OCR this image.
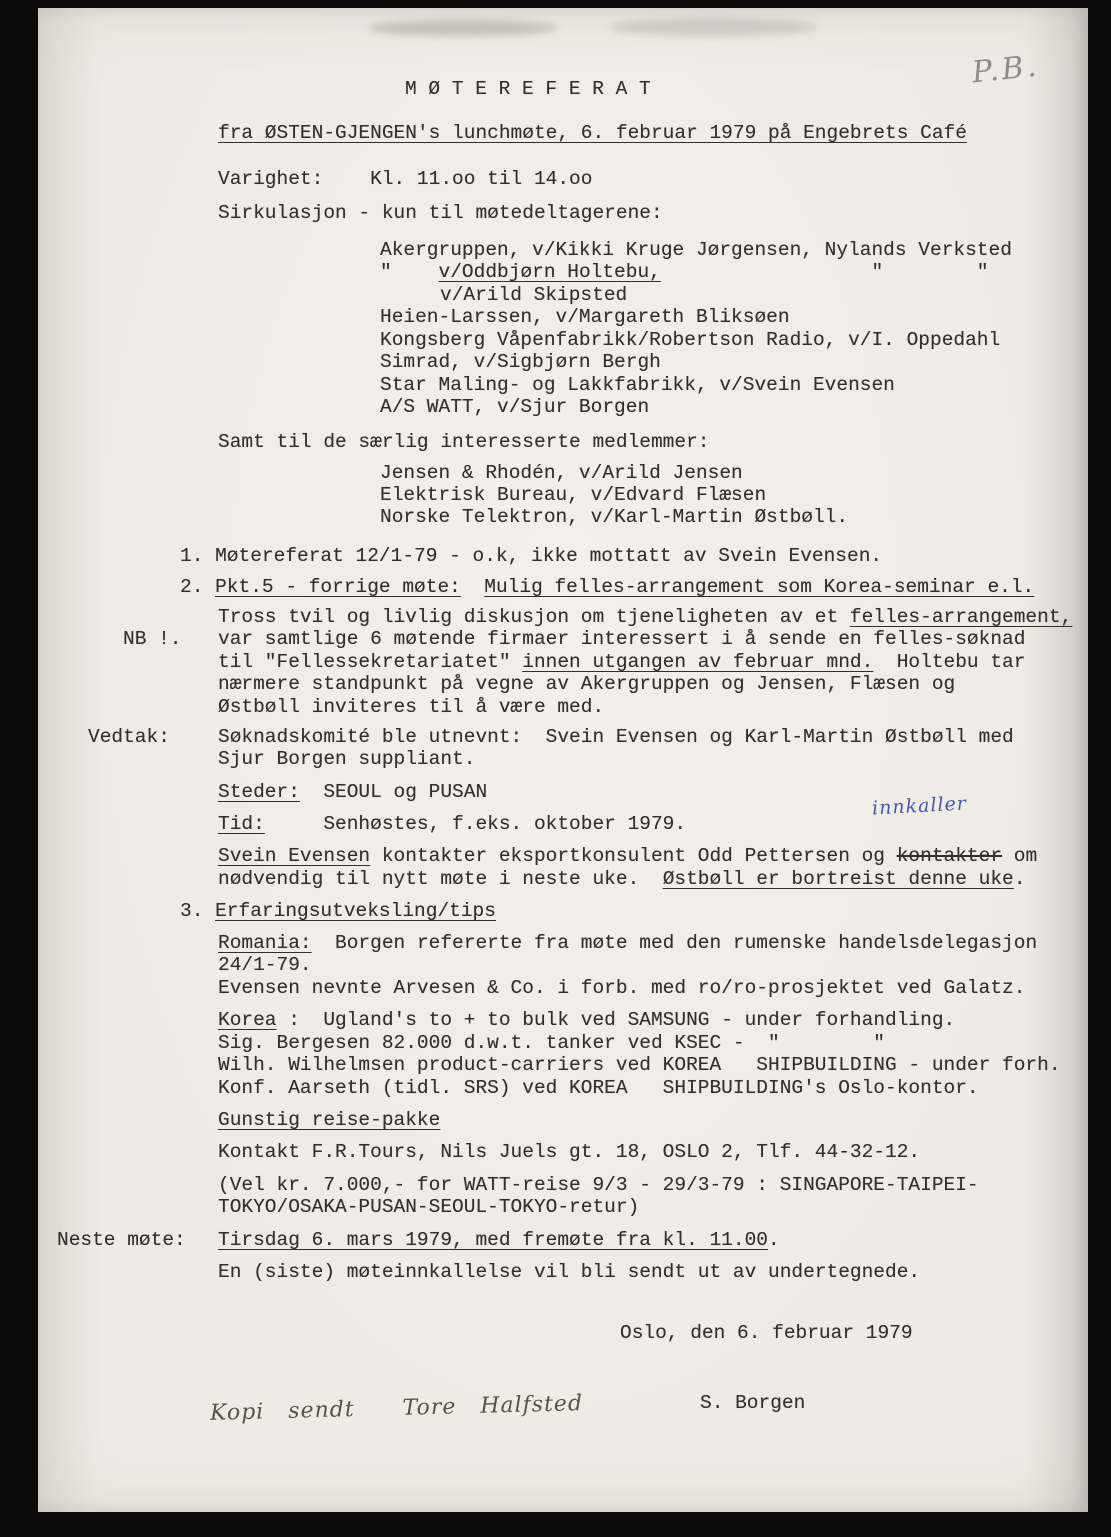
M Ø T E R E F E R A T
fra ØSTEN-GJENGEN's lunchmøte, 6. februar 1979 på Engebrets Café
Varighet:    Kl. 11.oo til 14.oo
Sirkulasjon - kun til møtedeltagerene:
Akergruppen, v/Kikki Kruge Jørgensen, Nylands Verksted
"    v/Oddbjørn Holtebu,                  "        "
v/Arild Skipsted
Heien-Larssen, v/Margareth Bliksøen
Kongsberg Våpenfabrikk/Robertson Radio, v/I. Oppedahl
Simrad, v/Sigbjørn Bergh
Star Maling- og Lakkfabrikk, v/Svein Evensen
A/S WATT, v/Sjur Borgen
Samt til de særlig interesserte medlemmer:
Jensen & Rhodén, v/Arild Jensen
Elektrisk Bureau, v/Edvard Flæsen
Norske Telektron, v/Karl-Martin Østbøll.
1. Møtereferat 12/1-79 - o.k, ikke mottatt av Svein Evensen.
2. Pkt.5 - forrige møte: Mulig felles-arrangement som Korea-seminar e.l.
Tross tvil og livlig diskusjon om tjeneligheten av et felles-arrangement,
NB !. var samtlige 6 møtende firmaer interessert i å sende en felles-søknad
til "Fellessekretariatet" innen utgangen av februar mnd.  Holtebu tar
nærmere standpunkt på vegne av Akergruppen og Jensen, Flæsen og
Østbøll inviteres til å være med.
Vedtak: Søknadskomité ble utnevnt:  Svein Evensen og Karl-Martin Østbøll med
Sjur Borgen suppliant.
Steder:  SEOUL og PUSAN
Tid:     Senhøstes, f.eks. oktober 1979.
Svein Evensen kontakter eksportkonsulent Odd Pettersen og kontakter om
nødvendig til nytt møte i neste uke.  Østbøll er bortreist denne uke.
3. Erfaringsutveksling/tips
Romania:  Borgen refererte fra møte med den rumenske handelsdelegasjon
24/1-79.
Evensen nevnte Arvesen & Co. i forb. med ro/ro-prosjektet ved Galatz.
Korea :  Ugland's to + to bulk ved SAMSUNG - under forhandling.
Sig. Bergesen 82.000 d.w.t. tanker ved KSEC -  "        "
Wilh. Wilhelmsen product-carriers ved KOREA   SHIPBUILDING - under forh.
Konf. Aarseth (tidl. SRS) ved KOREA   SHIPBUILDING's Oslo-kontor.
Gunstig reise-pakke
Kontakt F.R.Tours, Nils Juels gt. 18, OSLO 2, Tlf. 44-32-12.
(Vel kr. 7.000,- for WATT-reise 9/3 - 29/3-79 : SINGAPORE-TAIPEI-
TOKYO/OSAKA-PUSAN-SEOUL-TOKYO-retur)
Neste møte: Tirsdag 6. mars 1979, med fremøte fra kl. 11.00.
En (siste) møteinnkallelse vil bli sendt ut av undertegnede.
Oslo, den 6. februar 1979
S. Borgen
P.B.
innkaller
Kopi sendt  Tore Halfsted
